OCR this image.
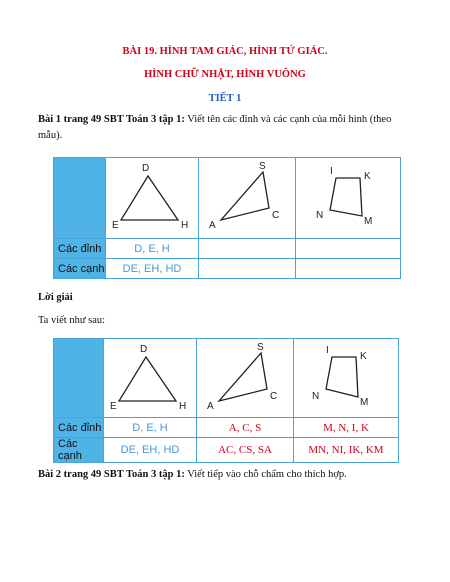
BÀI 19. HÌNH TAM GIÁC, HÌNH TỨ GIÁC.
HÌNH CHỮ NHẬT, HÌNH VUÔNG
TIẾT 1
Bài 1 trang 49 SBT Toán 3 tập 1: Viết tên các đỉnh và các cạnh của mỗi hình (theo mẫu).

D
E H	S
A
C	I K
N
M

Các đỉnh	D, E, H		
Các cạnh	DE, EH, HD		
Lời giải
Ta viết như sau:

D
E H	S
A
C	I
K
N
M

Các đỉnh	D, E, H	A, C, S	M, N, I, K
Các cạnh	DE, EH, HD	AC, CS, SA	MN, NI, IK, KM
Bài 2 trang 49 SBT Toán 3 tập 1: Viết tiếp vào chỗ chấm cho thích hợp.
